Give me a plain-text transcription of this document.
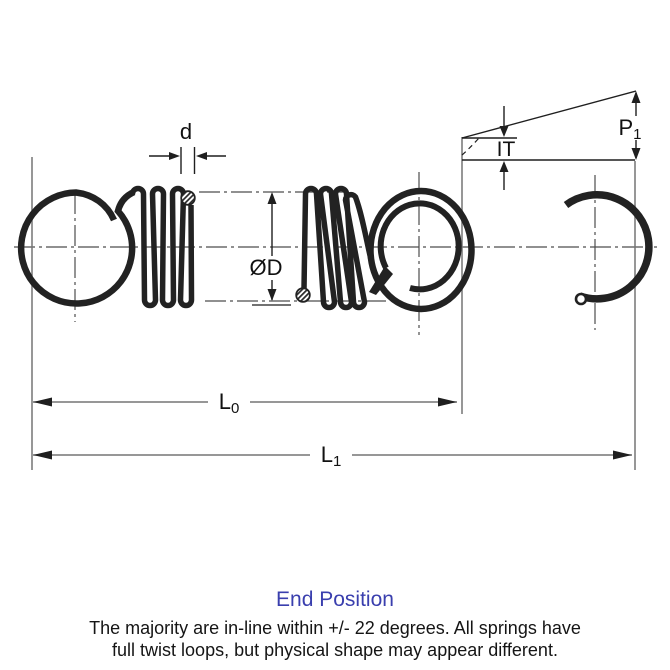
d
ØD
IT
P1
L0
L1
End Position
The majority are in-line within +/- 22 degrees. All springs have
full twist loops, but physical shape may appear different.
